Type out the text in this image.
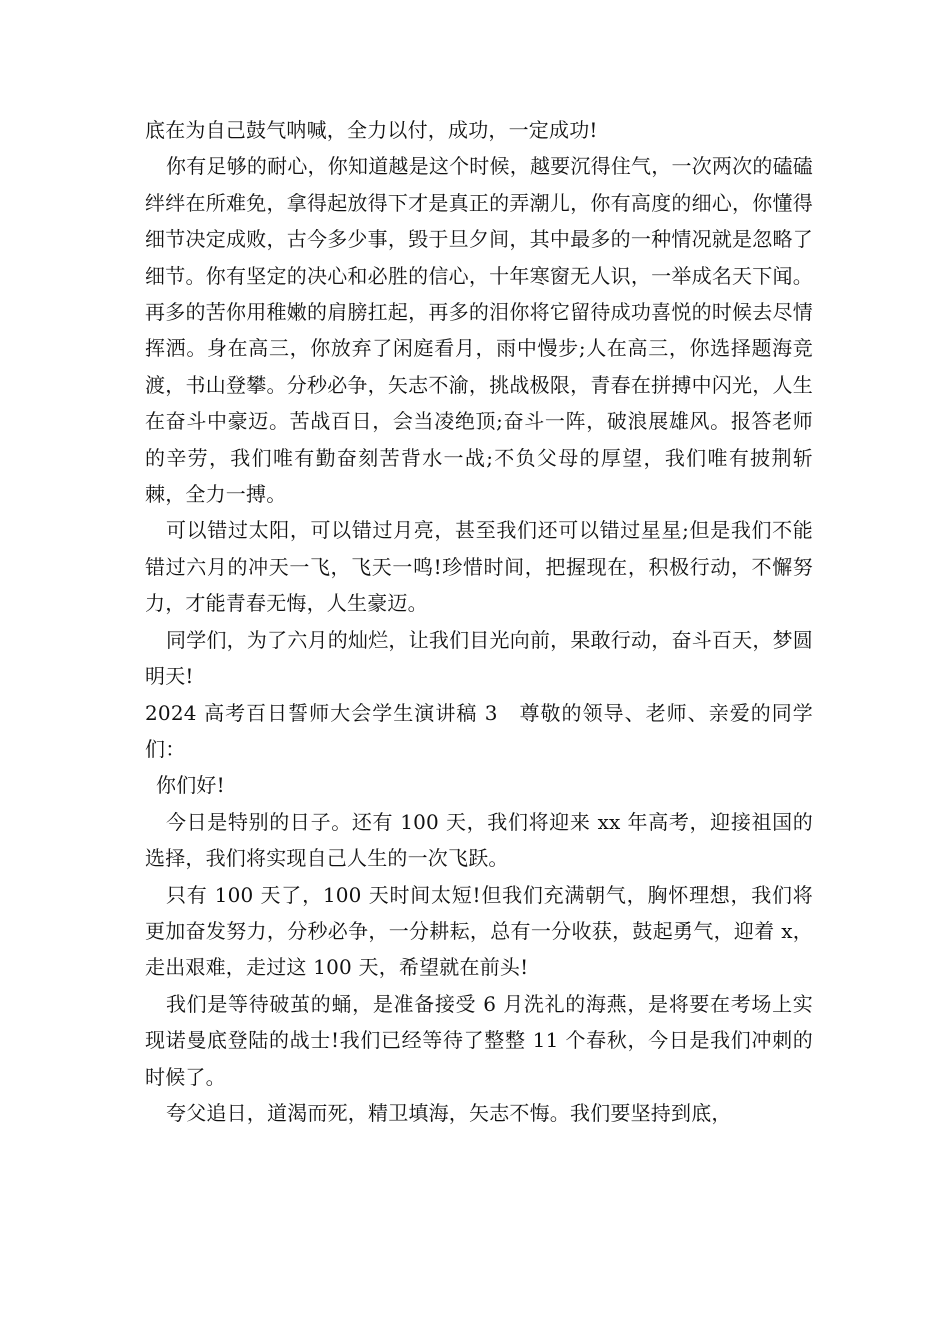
底在为自己鼓气呐喊，全力以付，成功，一定成功!

你有足够的耐心，你知道越是这个时候，越要沉得住气，一次两次的磕磕绊绊在所难免，拿得起放得下才是真正的弄潮儿，你有高度的细心，你懂得细节决定成败，古今多少事，毁于旦夕间，其中最多的一种情况就是忽略了细节。你有坚定的决心和必胜的信心，十年寒窗无人识，一举成名天下闻。再多的苦你用稚嫩的肩膀扛起，再多的泪你将它留待成功喜悦的时候去尽情挥洒。身在高三，你放弃了闲庭看月，雨中慢步;人在高三，你选择题海竞渡，书山登攀。分秒必争，矢志不渝，挑战极限，青春在拼搏中闪光，人生在奋斗中豪迈。苦战百日，会当凌绝顶;奋斗一阵，破浪展雄风。报答老师的辛劳，我们唯有勤奋刻苦背水一战;不负父母的厚望，我们唯有披荆斩棘，全力一搏。

可以错过太阳，可以错过月亮，甚至我们还可以错过星星;但是我们不能错过六月的冲天一飞，飞天一鸣!珍惜时间，把握现在，积极行动，不懈努力，才能青春无悔，人生豪迈。

同学们，为了六月的灿烂，让我们目光向前，果敢行动，奋斗百天，梦圆明天!

2024 高考百日誓师大会学生演讲稿 3　尊敬的领导、老师、亲爱的同学们：

你们好!

今日是特别的日子。还有 100 天，我们将迎来 xx 年高考，迎接祖国的选择，我们将实现自己人生的一次飞跃。

只有 100 天了，100 天时间太短!但我们充满朝气，胸怀理想，我们将更加奋发努力，分秒必争，一分耕耘，总有一分收获，鼓起勇气，迎着 x，走出艰难，走过这 100 天，希望就在前头!

我们是等待破茧的蛹，是准备接受 6 月洗礼的海燕，是将要在考场上实现诺曼底登陆的战士!我们已经等待了整整 11 个春秋，今日是我们冲刺的时候了。

夸父追日，道渴而死，精卫填海，矢志不悔。我们要坚持到底，
